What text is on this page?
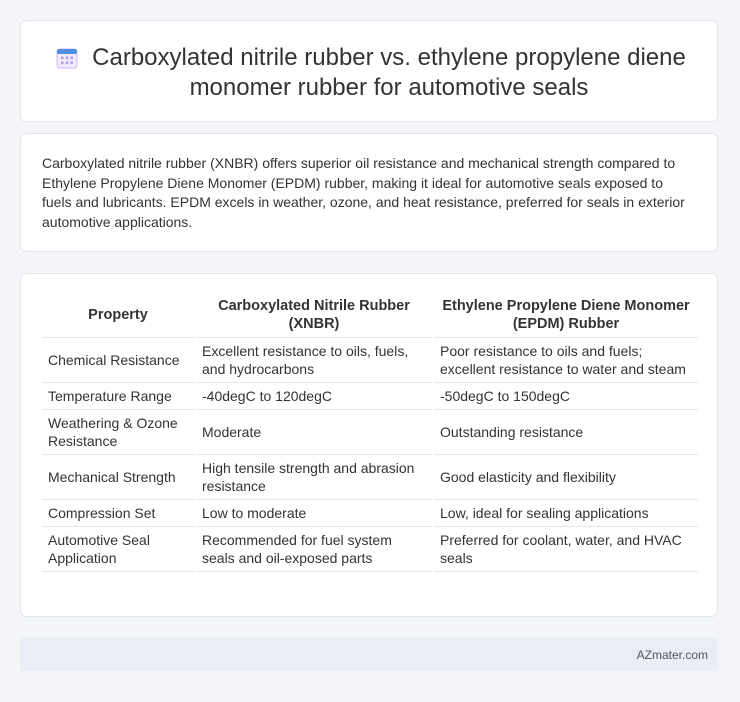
Carboxylated nitrile rubber vs. ethylene propylene diene monomer rubber for automotive seals
Carboxylated nitrile rubber (XNBR) offers superior oil resistance and mechanical strength compared to Ethylene Propylene Diene Monomer (EPDM) rubber, making it ideal for automotive seals exposed to fuels and lubricants. EPDM excels in weather, ozone, and heat resistance, preferred for seals in exterior automotive applications.
Property	Carboxylated Nitrile Rubber (XNBR)	Ethylene Propylene Diene Monomer (EPDM) Rubber
Chemical Resistance	Excellent resistance to oils, fuels, and hydrocarbons	Poor resistance to oils and fuels; excellent resistance to water and steam
Temperature Range	-40degC to 120degC	-50degC to 150degC
Weathering & Ozone Resistance	Moderate	Outstanding resistance
Mechanical Strength	High tensile strength and abrasion resistance	Good elasticity and flexibility
Compression Set	Low to moderate	Low, ideal for sealing applications
Automotive Seal Application	Recommended for fuel system seals and oil-exposed parts	Preferred for coolant, water, and HVAC seals
AZmater.com
